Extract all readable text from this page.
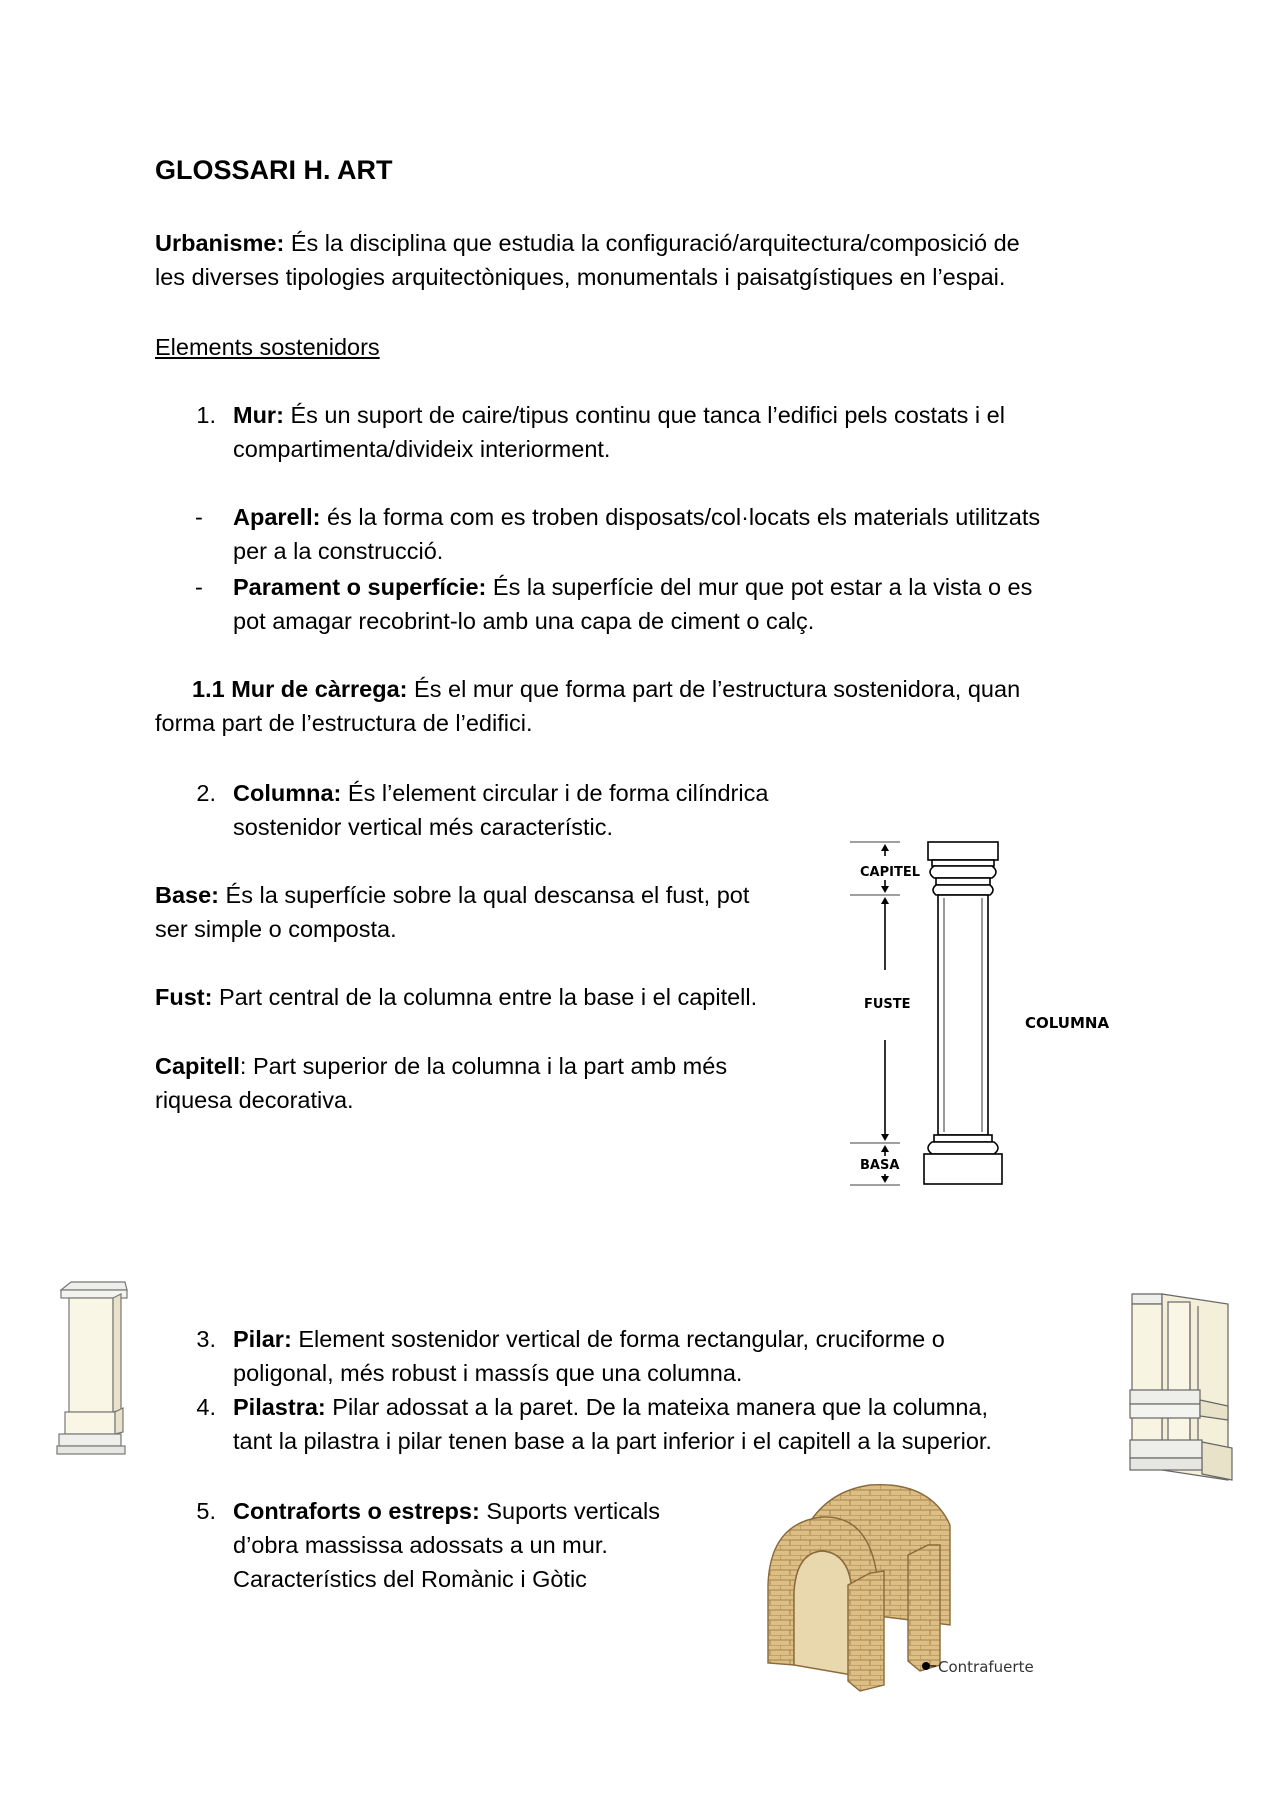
GLOSSARI H. ART
Urbanisme: És la disciplina que estudia la configuració/arquitectura/composició de
les diverses tipologies arquitectòniques, monumentals i paisatgístiques en l’espai.
Elements sostenidors
1. Mur: És un suport de caire/tipus continu que tanca l’edifici pels costats i el
compartimenta/divideix interiorment.
- Aparell: és la forma com es troben disposats/col·locats els materials utilitzats
per a la construcció.
- Parament o superfície: És la superfície del mur que pot estar a la vista o es
pot amagar recobrint-lo amb una capa de ciment o calç.
1.1 Mur de càrrega: És el mur que forma part de l’estructura sostenidora, quan
forma part de l’estructura de l’edifici.
2. Columna: És l’element circular i de forma cilíndrica
sostenidor vertical més característic.
Base: És la superfície sobre la qual descansa el fust, pot
ser simple o composta.
Fust: Part central de la columna entre la base i el capitell.
Capitell: Part superior de la columna i la part amb més
riquesa decorativa.
CAPITEL
FUSTE
BASA
COLUMNA
3. Pilar: Element sostenidor vertical de forma rectangular, cruciforme o
poligonal, més robust i massís que una columna.
4. Pilastra: Pilar adossat a la paret. De la mateixa manera que la columna,
tant la pilastra i pilar tenen base a la part inferior i el capitell a la superior.
5. Contraforts o estreps: Suports verticals
d’obra massissa adossats a un mur.
Característics del Romànic i Gòtic
Contrafuerte
